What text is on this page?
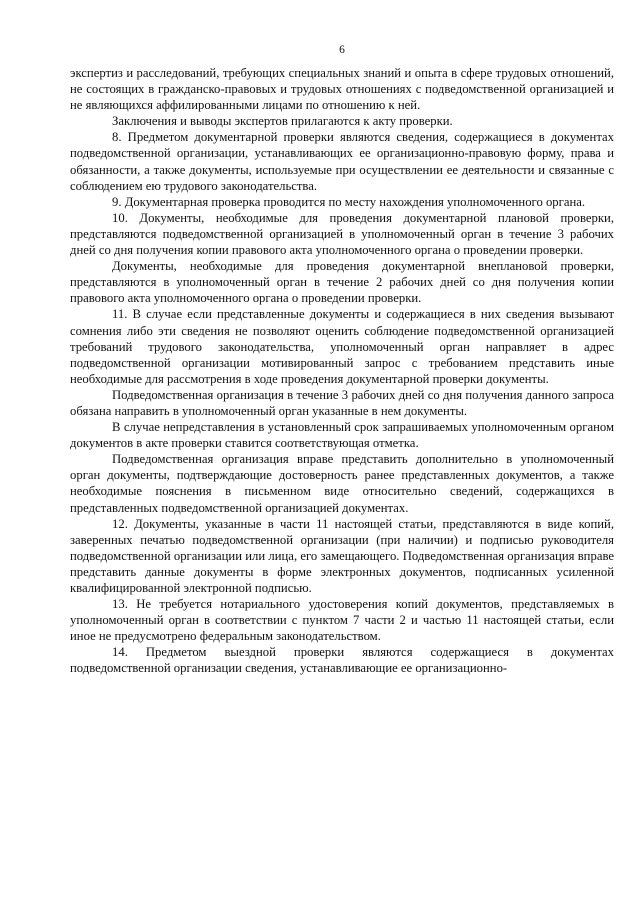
6

экспертиз и расследований, требующих специальных знаний и опыта в сфере трудовых отношений, не состоящих в гражданско-правовых и трудовых отношениях с подведомственной организацией и не являющихся аффилированными лицами по отношению к ней.

Заключения и выводы экспертов прилагаются к акту проверки.

8. Предметом документарной проверки являются сведения, содержащиеся в документах подведомственной организации, устанавливающих ее организационно-правовую форму, права и обязанности, а также документы, используемые при осуществлении ее деятельности и связанные с соблюдением ею трудового законодательства.

9. Документарная проверка проводится по месту нахождения уполномоченного органа.

10. Документы, необходимые для проведения документарной плановой проверки, представляются подведомственной организацией в уполномоченный орган в течение 3 рабочих дней со дня получения копии правового акта уполномоченного органа о проведении проверки.

Документы, необходимые для проведения документарной внеплановой проверки, представляются в уполномоченный орган в течение 2 рабочих дней со дня получения копии правового акта уполномоченного органа о проведении проверки.

11. В случае если представленные документы и содержащиеся в них сведения вызывают сомнения либо эти сведения не позволяют оценить соблюдение подведомственной организацией требований трудового законодательства, уполномоченный орган направляет в адрес подведомственной организации мотивированный запрос с требованием представить иные необходимые для рассмотрения в ходе проведения документарной проверки документы.

Подведомственная организация в течение 3 рабочих дней со дня получения данного запроса обязана направить в уполномоченный орган указанные в нем документы.

В случае непредставления в установленный срок запрашиваемых уполномоченным органом документов в акте проверки ставится соответствующая отметка.

Подведомственная организация вправе представить дополнительно в уполномоченный орган документы, подтверждающие достоверность ранее представленных документов, а также необходимые пояснения в письменном виде относительно сведений, содержащихся в представленных подведомственной организацией документах.

12. Документы, указанные в части 11 настоящей статьи, представляются в виде копий, заверенных печатью подведомственной организации (при наличии) и подписью руководителя подведомственной организации или лица, его замещающего. Подведомственная организация вправе представить данные документы в форме электронных документов, подписанных усиленной квалифицированной электронной подписью.

13. Не требуется нотариального удостоверения копий документов, представляемых в уполномоченный орган в соответствии с пунктом 7 части 2 и частью 11 настоящей статьи, если иное не предусмотрено федеральным законодательством.

14. Предметом выездной проверки являются содержащиеся в документах подведомственной организации сведения, устанавливающие ее организационно-
